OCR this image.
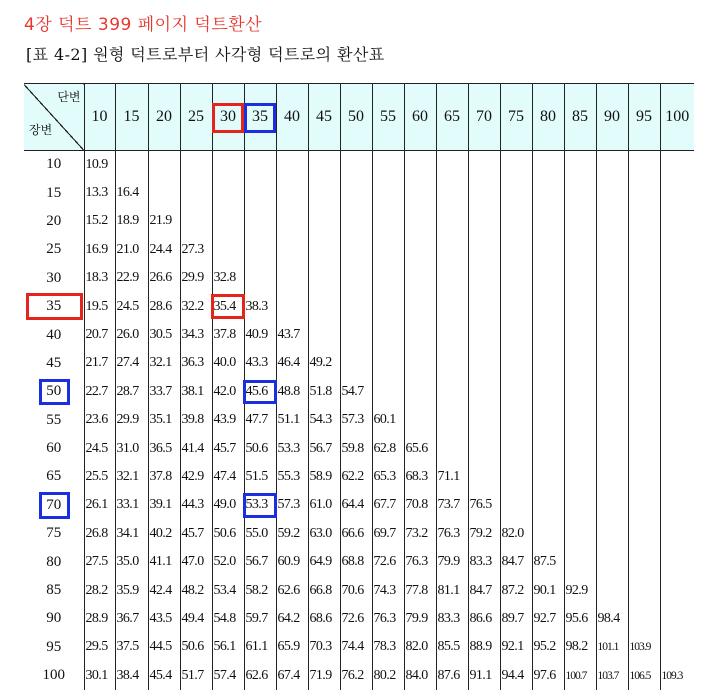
4장 덕트 399 페이지 덕트환산

[표 4-2] 원형 덕트로부터 사각형 덕트로의 환산표

단변
장변	10	15	20	25	30	35	40	45	50	55	60	65	70	75	80	85	90	95	100
10	10.9																		
15	13.3	16.4																	
20	15.2	18.9	21.9																
25	16.9	21.0	24.4	27.3															
30	18.3	22.9	26.6	29.9	32.8														
35	19.5	24.5	28.6	32.2	35.4	38.3													
40	20.7	26.0	30.5	34.3	37.8	40.9	43.7												
45	21.7	27.4	32.1	36.3	40.0	43.3	46.4	49.2											
50	22.7	28.7	33.7	38.1	42.0	45.6	48.8	51.8	54.7										
55	23.6	29.9	35.1	39.8	43.9	47.7	51.1	54.3	57.3	60.1									
60	24.5	31.0	36.5	41.4	45.7	50.6	53.3	56.7	59.8	62.8	65.6								
65	25.5	32.1	37.8	42.9	47.4	51.5	55.3	58.9	62.2	65.3	68.3	71.1							
70	26.1	33.1	39.1	44.3	49.0	53.3	57.3	61.0	64.4	67.7	70.8	73.7	76.5						
75	26.8	34.1	40.2	45.7	50.6	55.0	59.2	63.0	66.6	69.7	73.2	76.3	79.2	82.0					
80	27.5	35.0	41.1	47.0	52.0	56.7	60.9	64.9	68.8	72.6	76.3	79.9	83.3	84.7	87.5				
85	28.2	35.9	42.4	48.2	53.4	58.2	62.6	66.8	70.6	74.3	77.8	81.1	84.7	87.2	90.1	92.9			
90	28.9	36.7	43.5	49.4	54.8	59.7	64.2	68.6	72.6	76.3	79.9	83.3	86.6	89.7	92.7	95.6	98.4		
95	29.5	37.5	44.5	50.6	56.1	61.1	65.9	70.3	74.4	78.3	82.0	85.5	88.9	92.1	95.2	98.2	101.1	103.9	
100	30.1	38.4	45.4	51.7	57.4	62.6	67.4	71.9	76.2	80.2	84.0	87.6	91.1	94.4	97.6	100.7	103.7	106.5	109.3
